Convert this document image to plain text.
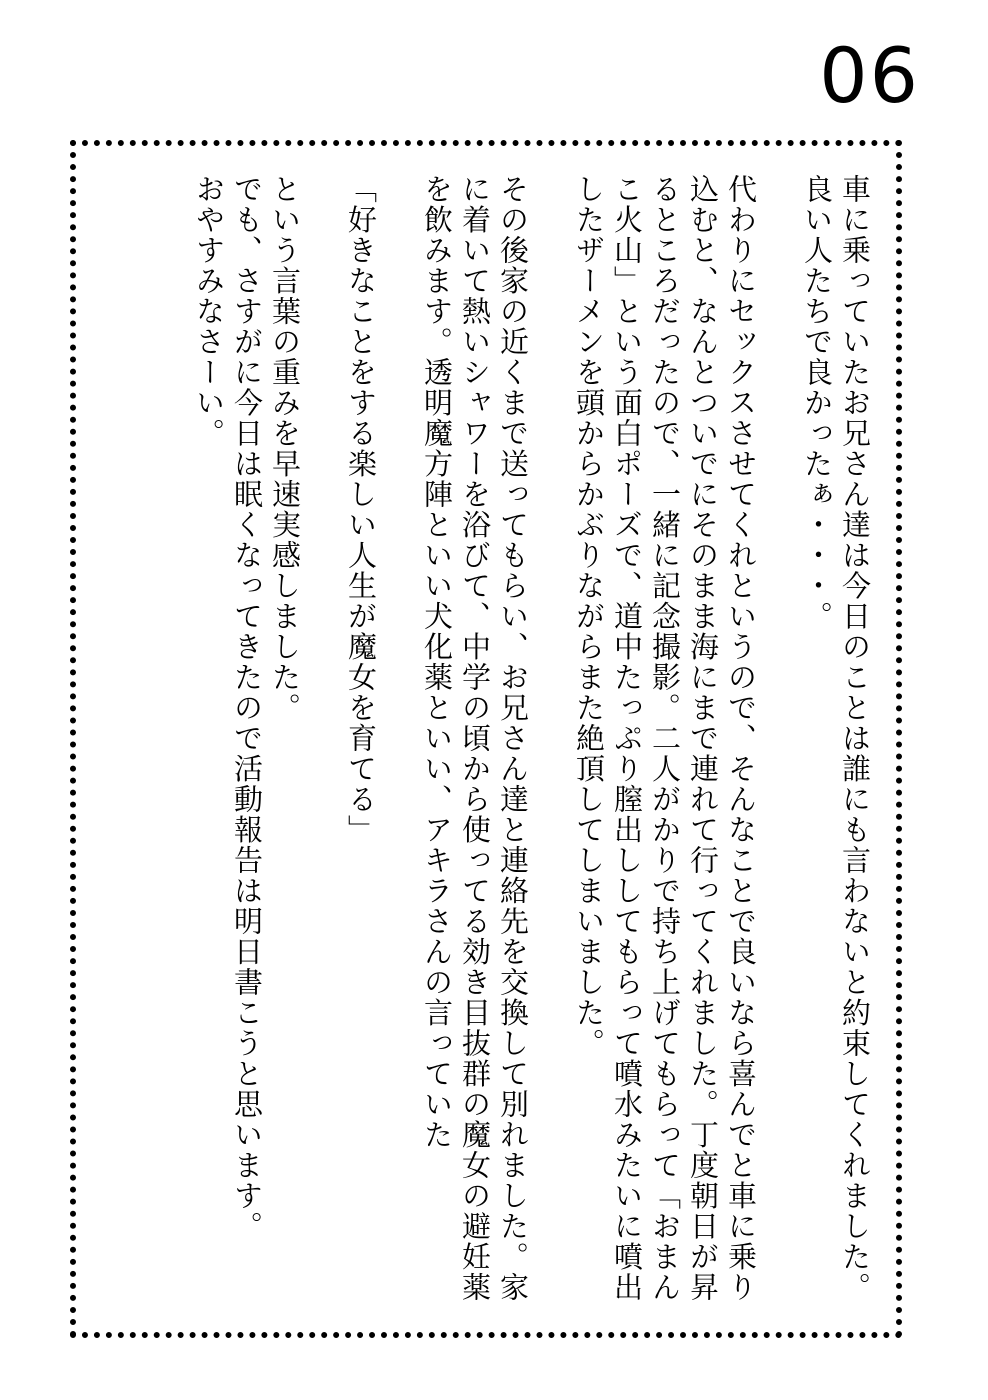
06

車に乗っていたお兄さん達は今日のことは誰にも言わないと約束してくれました。

良い人たちで良かったぁ・・・。

代わりにセックスさせてくれというので、そんなことで良いなら喜んでと車に乗り込むと、なんとついでにそのまま海にまで連れて行ってくれました。丁度朝日が昇るところだったので、一緒に記念撮影。二人がかりで持ち上げてもらって「おまんこ火山」という面白ポーズで、道中たっぷり膣出ししてもらって噴水みたいに噴出したザーメンを頭からかぶりながらまた絶頂してしまいました。

その後家の近くまで送ってもらい、お兄さん達と連絡先を交換して別れました。家に着いて熱いシャワーを浴びて、中学の頃から使ってる効き目抜群の魔女の避妊薬を飲みます。透明魔方陣といい犬化薬といい、アキラさんの言っていた

「好きなことをする楽しい人生が魔女を育てる」

という言葉の重みを早速実感しました。

でも、さすがに今日は眠くなってきたので活動報告は明日書こうと思います。

おやすみなさーい。
